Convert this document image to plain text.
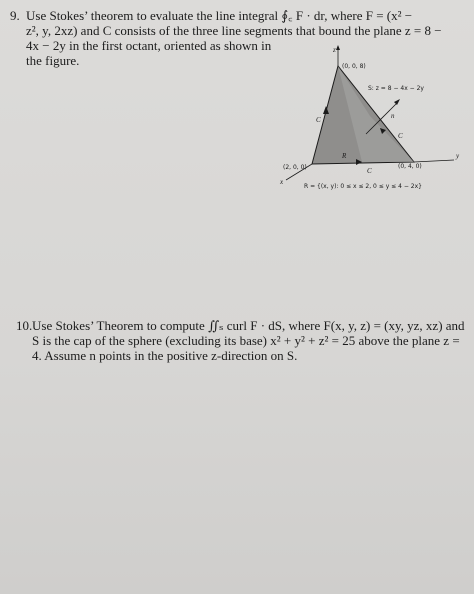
9. Use Stokes’ theorem to evaluate the line integral ∮꜀ F · dr, where F = (x² −
z², y, 2xz) and C consists of the three line segments that bound the plane z = 8 −
4x − 2y in the first octant, oriented as shown in
the figure.
z
y
x
(0, 0, 8)
(0, 4, 0)
(2, 0, 0)
S: z = 8 − 4x − 2y
n
C
C
C
R
R = {(x, y): 0 ≤ x ≤ 2, 0 ≤ y ≤ 4 − 2x}
10.Use Stokes’ Theorem to compute ∬ₛ curl F · dS, where F(x, y, z) = (xy, yz, xz) and
S is the cap of the sphere (excluding its base) x² + y² + z² = 25 above the plane z =
4. Assume n points in the positive z-direction on S.
